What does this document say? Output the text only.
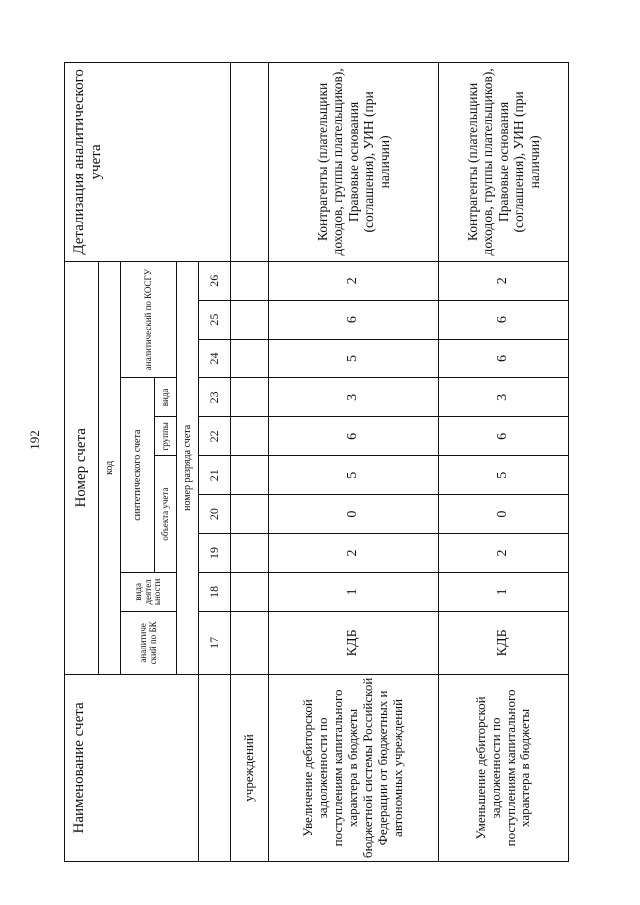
192
Наименование счета	Номер счета										Детализация аналитического учета
	код										
	аналитиче ский по БК	вида деятел ьности	синтетического счета					аналитический по КОСГУ			
			объекта учета			группы	вида				
	номер разряда счета										
	17	18	19	20	21	22	23	24	25	26	
учреждений											
Увеличение дебиторской задолженности по поступлениям капитального характера в бюджеты бюджетной системы Российской Федерации от бюджетных и автономных учреждений	КДБ	1	2	0	5	6	3	5	6	2	Контрагенты (плательщики доходов, группы плательщиков), Правовые основания (соглашения), УИН (при наличии)
Уменьшение дебиторской задолженности по поступлениям капитального характера в бюджеты	КДБ	1	2	0	5	6	3	6	6	2	Контрагенты (плательщики доходов, группы плательщиков), Правовые основания (соглашения), УИН (при наличии)
